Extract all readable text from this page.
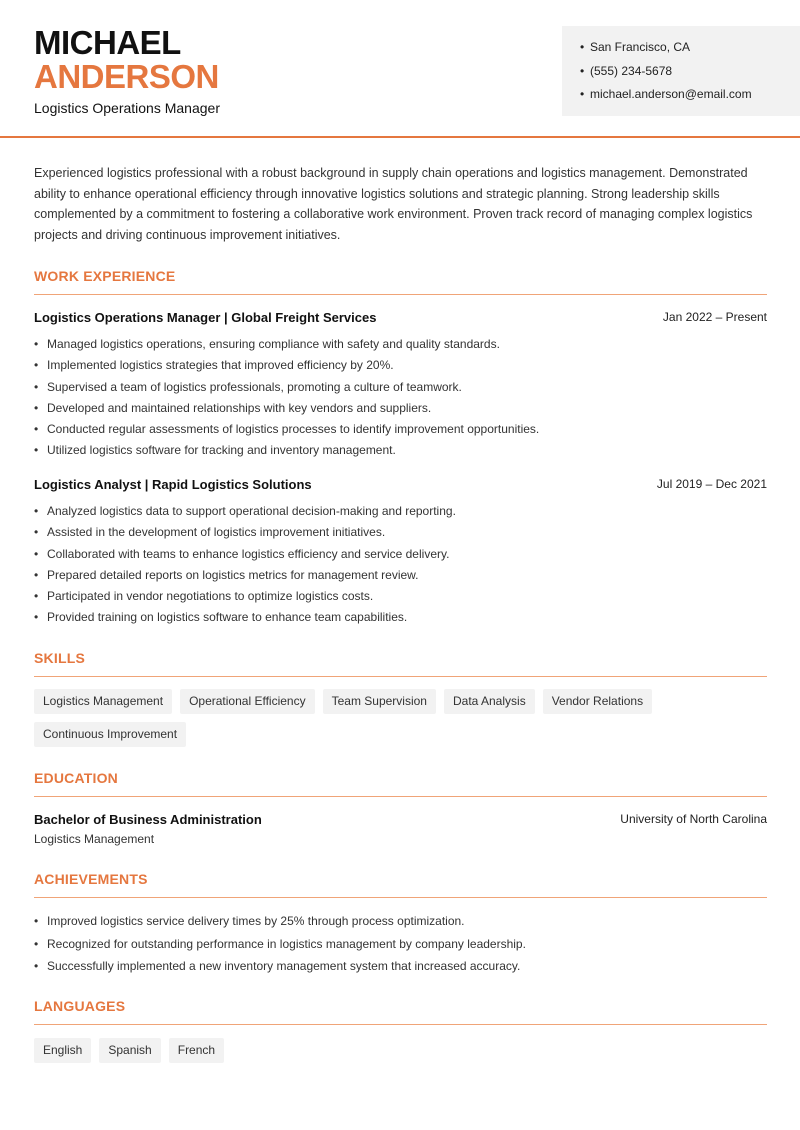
MICHAEL
ANDERSON
Logistics Operations Manager
• San Francisco, CA
• (555) 234-5678
• michael.anderson@email.com
Experienced logistics professional with a robust background in supply chain operations and logistics management. Demonstrated ability to enhance operational efficiency through innovative logistics solutions and strategic planning. Strong leadership skills complemented by a commitment to fostering a collaborative work environment. Proven track record of managing complex logistics projects and driving continuous improvement initiatives.
WORK EXPERIENCE
Logistics Operations Manager | Global Freight Services	Jan 2022 – Present
• Managed logistics operations, ensuring compliance with safety and quality standards.
• Implemented logistics strategies that improved efficiency by 20%.
• Supervised a team of logistics professionals, promoting a culture of teamwork.
• Developed and maintained relationships with key vendors and suppliers.
• Conducted regular assessments of logistics processes to identify improvement opportunities.
• Utilized logistics software for tracking and inventory management.
Logistics Analyst | Rapid Logistics Solutions	Jul 2019 – Dec 2021
• Analyzed logistics data to support operational decision-making and reporting.
• Assisted in the development of logistics improvement initiatives.
• Collaborated with teams to enhance logistics efficiency and service delivery.
• Prepared detailed reports on logistics metrics for management review.
• Participated in vendor negotiations to optimize logistics costs.
• Provided training on logistics software to enhance team capabilities.
SKILLS
Logistics Management	Operational Efficiency	Team Supervision	Data Analysis	Vendor Relations
Continuous Improvement
EDUCATION
Bachelor of Business Administration	University of North Carolina
Logistics Management
ACHIEVEMENTS
• Improved logistics service delivery times by 25% through process optimization.
• Recognized for outstanding performance in logistics management by company leadership.
• Successfully implemented a new inventory management system that increased accuracy.
LANGUAGES
English	Spanish	French
